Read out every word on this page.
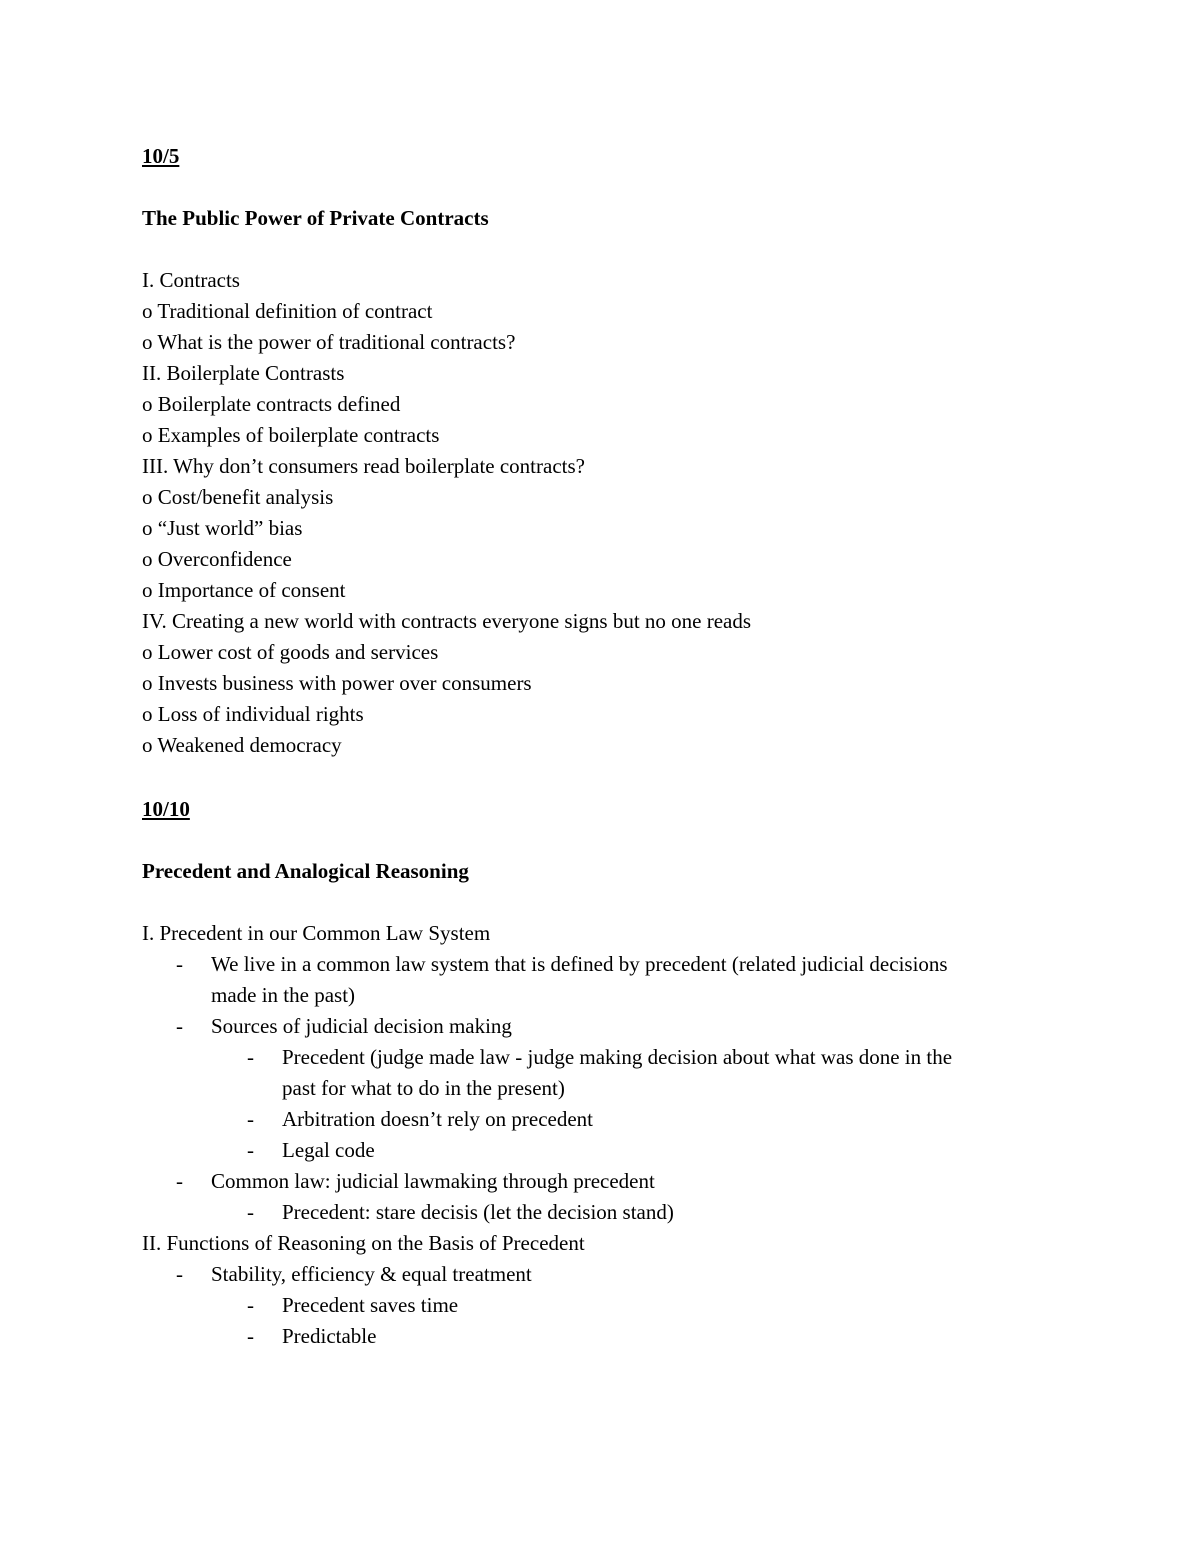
10/5
The Public Power of Private Contracts
I. Contracts
o Traditional definition of contract
o What is the power of traditional contracts?
II. Boilerplate Contrasts
o Boilerplate contracts defined
o Examples of boilerplate contracts
III. Why don’t consumers read boilerplate contracts?
o Cost/benefit analysis
o “Just world” bias
o Overconfidence
o Importance of consent
IV. Creating a new world with contracts everyone signs but no one reads
o Lower cost of goods and services
o Invests business with power over consumers
o Loss of individual rights
o Weakened democracy
10/10
Precedent and Analogical Reasoning
I. Precedent in our Common Law System
-	We live in a common law system that is defined by precedent (related judicial decisions
made in the past)
-	Sources of judicial decision making
-	Precedent (judge made law - judge making decision about what was done in the
past for what to do in the present)
-	Arbitration doesn’t rely on precedent
-	Legal code
-	Common law: judicial lawmaking through precedent
-	Precedent: stare decisis (let the decision stand)
II. Functions of Reasoning on the Basis of Precedent
-	Stability, efficiency & equal treatment
-	Precedent saves time
-	Predictable
